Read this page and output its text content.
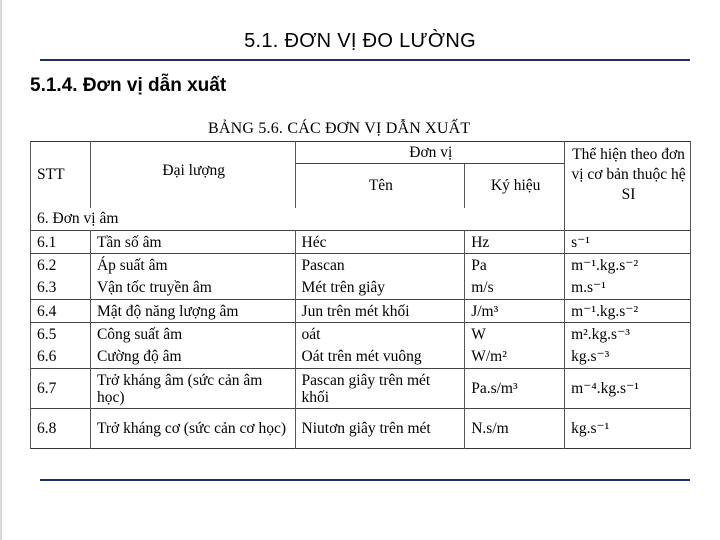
5.1. ĐƠN VỊ ĐO LƯỜNG
5.1.4. Đơn vị dẫn xuất
BẢNG 5.6. CÁC ĐƠN VỊ DẪN XUẤT
STT	Đại lượng	Đơn vị		Thể hiện theo đơn vị cơ bản thuộc hệ SI
		Tên	Ký hiệu	
6. Đơn vị âm				
6.1	Tần số âm	Héc	Hz	s⁻¹
6.2	Áp suất âm	Pascan	Pa	m⁻¹.kg.s⁻²
6.3	Vận tốc truyền âm	Mét trên giây	m/s	m.s⁻¹
6.4	Mật độ năng lượng âm	Jun trên mét khối	J/m³	m⁻¹.kg.s⁻²
6.5	Công suất âm	oát	W	m².kg.s⁻³
6.6	Cường độ âm	Oát trên mét vuông	W/m²	kg.s⁻³
6.7	Trở kháng âm (sức cản âm học)	Pascan giây trên mét khối	Pa.s/m³	m⁻⁴.kg.s⁻¹
6.8	Trở kháng cơ (sức cản cơ học)	Niutơn giây trên mét	N.s/m	kg.s⁻¹
